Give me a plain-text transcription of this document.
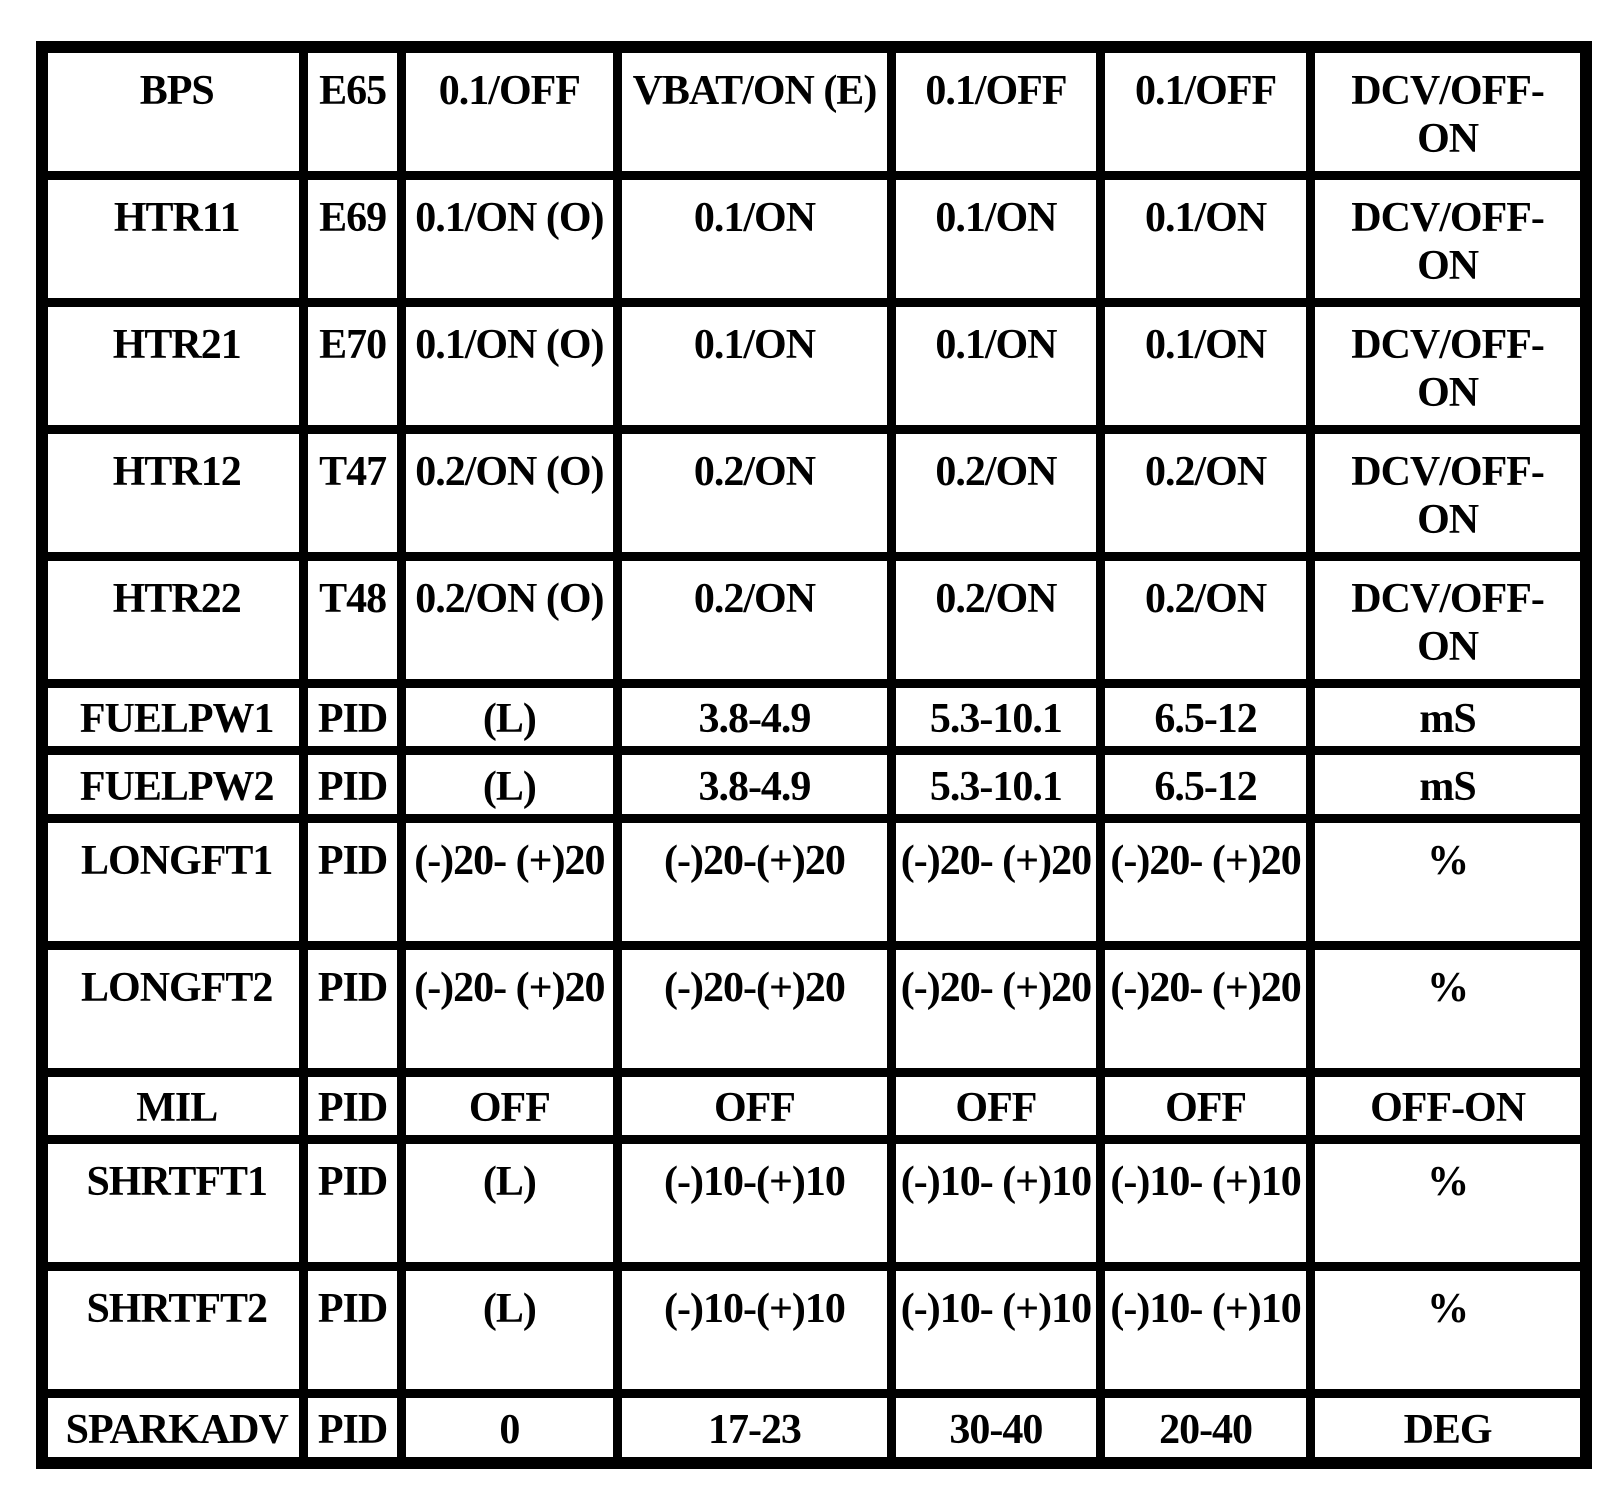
BPS	E65	0.1/OFF	VBAT/ON (E)	0.1/OFF	0.1/OFF	DCV/OFF- ON
HTR11	E69	0.1/ON (O)	0.1/ON	0.1/ON	0.1/ON	DCV/OFF- ON
HTR21	E70	0.1/ON (O)	0.1/ON	0.1/ON	0.1/ON	DCV/OFF- ON
HTR12	T47	0.2/ON (O)	0.2/ON	0.2/ON	0.2/ON	DCV/OFF- ON
HTR22	T48	0.2/ON (O)	0.2/ON	0.2/ON	0.2/ON	DCV/OFF- ON
FUELPW1	PID	(L)	3.8-4.9	5.3-10.1	6.5-12	mS
FUELPW2	PID	(L)	3.8-4.9	5.3-10.1	6.5-12	mS
LONGFT1	PID	(-)20- (+)20	(-)20-(+)20	(-)20- (+)20	(-)20- (+)20	%
LONGFT2	PID	(-)20- (+)20	(-)20-(+)20	(-)20- (+)20	(-)20- (+)20	%
MIL	PID	OFF	OFF	OFF	OFF	OFF-ON
SHRTFT1	PID	(L)	(-)10-(+)10	(-)10- (+)10	(-)10- (+)10	%
SHRTFT2	PID	(L)	(-)10-(+)10	(-)10- (+)10	(-)10- (+)10	%
SPARKADV	PID	0	17-23	30-40	20-40	DEG
